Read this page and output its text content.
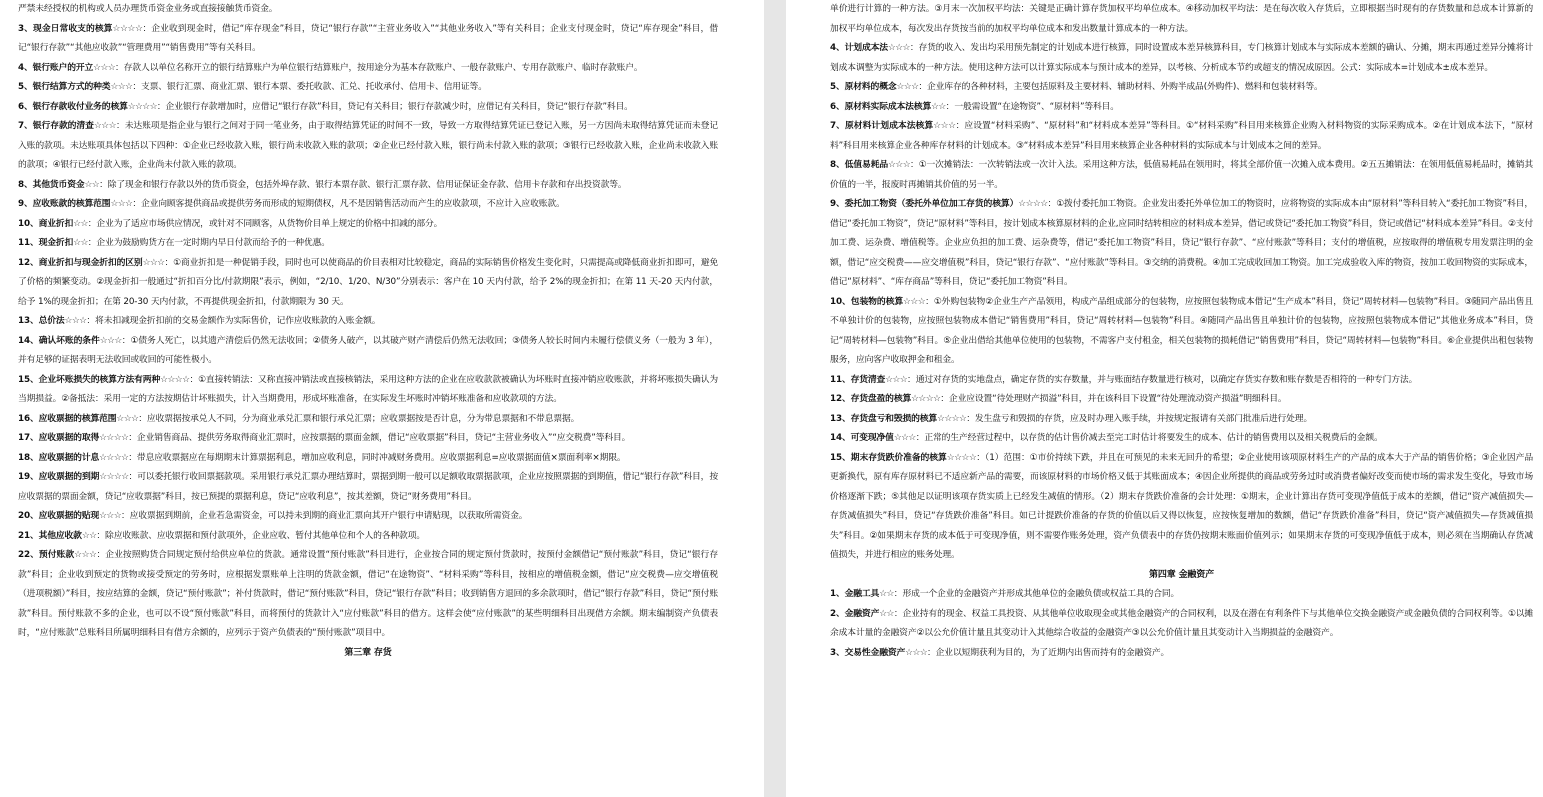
严禁未经授权的机构或人员办理货币资金业务或直接接触货币资金。

3、现金日常收支的核算☆☆☆☆：企业收到现金时，借记“库存现金”科目，贷记“银行存款”“主营业务收入”“其他业务收入”等有关科目；企业支付现金时，贷记“库存现金”科目，借记“银行存款”“其他应收款”“管理费用”“销售费用”等有关科目。

4、银行账户的开立☆☆☆：存款人以单位名称开立的银行结算账户为单位银行结算账户，按用途分为基本存款账户、一般存款账户、专用存款账户、临时存款账户。

5、银行结算方式的种类☆☆☆：支票、银行汇票、商业汇票、银行本票、委托收款、汇兑、托收承付、信用卡、信用证等。

6、银行存款收付业务的核算☆☆☆☆：企业银行存款增加时，应借记“银行存款”科目，贷记有关科目；银行存款减少时，应借记有关科目，贷记“银行存款”科目。

7、银行存款的清查☆☆☆：未达账项是指企业与银行之间对于同一笔业务，由于取得结算凭证的时间不一致，导致一方取得结算凭证已登记入账，另一方因尚未取得结算凭证而未登记入账的款项。未达账项具体包括以下四种：①企业已经收款入账，银行尚未收款入账的款项；②企业已经付款入账，银行尚未付款入账的款项；③银行已经收款入账，企业尚未收款入账的款项；④银行已经付款入账，企业尚未付款入账的款项。

8、其他货币资金☆☆：除了现金和银行存款以外的货币资金，包括外埠存款、银行本票存款、银行汇票存款、信用证保证金存款、信用卡存款和存出投资款等。

9、应收账款的核算范围☆☆☆：企业向顾客提供商品或提供劳务而形成的短期债权，凡不是因销售活动而产生的应收款项，不应计入应收账款。

10、商业折扣☆☆：企业为了适应市场供应情况，或针对不同顾客，从货物价目单上规定的价格中扣减的部分。

11、现金折扣☆☆：企业为鼓励购货方在一定时期内早日付款而给予的一种优惠。

12、商业折扣与现金折扣的区别☆☆☆：①商业折扣是一种促销手段，同时也可以使商品的价目表相对比较稳定，商品的实际销售价格发生变化时，只需提高或降低商业折扣即可，避免了价格的频繁变动。②现金折扣一般通过“折扣百分比/付款期限”表示，例如，“2/10、1/20、N/30”分别表示：客户在 10 天内付款，给予 2%的现金折扣；在第 11 天-20 天内付款，给予 1%的现金折扣；在第 20-30 天内付款，不再提供现金折扣，付款期限为 30 天。

13、总价法☆☆☆：将未扣减现金折扣前的交易金额作为实际售价，记作应收账款的入账金额。

14、确认坏账的条件☆☆☆：①债务人死亡，以其遗产清偿后仍然无法收回；②债务人破产，以其破产财产清偿后仍然无法收回；③债务人较长时间内未履行偿债义务（一般为 3 年），并有足够的证据表明无法收回或收回的可能性极小。

15、企业坏账损失的核算方法有两种☆☆☆☆：①直接转销法：又称直接冲销法或直接核销法，采用这种方法的企业在应收款款被确认为坏账时直接冲销应收账款，并将坏账损失确认为当期损益。②备抵法：采用一定的方法按期估计坏账损失，计入当期费用，形成坏账准备，在实际发生坏账时冲销坏账准备和应收款项的方法。

16、应收票据的核算范围☆☆☆：应收票据按承兑人不同，分为商业承兑汇票和银行承兑汇票；应收票据按是否计息，分为带息票据和不带息票据。

17、应收票据的取得☆☆☆☆：企业销售商品、提供劳务取得商业汇票时，应按票据的票面金额，借记“应收票据”科目，贷记“主营业务收入”“应交税费”等科目。

18、应收票据的计息☆☆☆☆：带息应收票据应在每期期末计算票据利息，增加应收利息，同时冲减财务费用。应收票据利息=应收票据面值×票面利率×期限。

19、应收票据的到期☆☆☆☆：可以委托银行收回票据款项。采用银行承兑汇票办理结算时，票据到期一般可以足额收取票据款项，企业应按照票据的到期值，借记“银行存款”科目，按应收票据的票面金额，贷记“应收票据”科目，按已预提的票据利息，贷记“应收利息”，按其差额，贷记“财务费用”科目。

20、应收票据的贴现☆☆☆：应收票据到期前，企业若急需资金，可以持未到期的商业汇票向其开户银行申请贴现，以获取所需资金。

21、其他应收款☆☆：除应收账款、应收票据和预付款项外，企业应收、暂付其他单位和个人的各种款项。

22、预付账款☆☆☆：企业按照购货合同规定预付给供应单位的货款。通常设置“预付账款”科目进行，企业按合同的规定预付货款时，按预付金额借记“预付账款”科目，贷记“银行存款”科目；企业收到预定的货物或接受预定的劳务时，应根据发票账单上注明的货款金额，借记“在途物资”、“材料采购”等科目，按相应的增值税金额，借记“应交税费—应交增值税（进项税额）”科目，按应结算的金额，贷记“预付账款”；补付货款时，借记“预付账款”科目，贷记“银行存款”科目；收到销售方退回的多余款项时，借记“银行存款”科目，贷记“预付账款”科目。预付账款不多的企业，也可以不设“预付账款”科目，而将预付的货款计入“应付账款”科目的借方。这样会使“应付账款”的某些明细科目出现借方余额。期末编制资产负债表时，“应付账款”总账科目所属明细科目有借方余额的，应列示于资产负债表的“预付账款”项目中。

第三章 存货

单价进行计算的一种方法。③月末一次加权平均法：关键是正确计算存货加权平均单位成本。④移动加权平均法：是在每次收入存货后，立即根据当时现有的存货数量和总成本计算新的加权平均单位成本，每次发出存货按当前的加权平均单位成本和发出数量计算成本的一种方法。

4、计划成本法☆☆☆：存货的收入、发出均采用预先制定的计划成本进行核算，同时设置成本差异核算科目，专门核算计划成本与实际成本差额的确认、分摊，期末再通过差异分摊将计划成本调整为实际成本的一种方法。使用这种方法可以计算实际成本与预计成本的差异，以考核、分析成本节约或超支的情况成原因。公式：实际成本=计划成本±成本差异。

5、原材料的概念☆☆☆：企业库存的各种材料，主要包括原料及主要材料、辅助材料、外购半成品(外购件)、燃料和包装材料等。

6、原材料实际成本法核算☆☆：一般需设置“在途物资”、“原材料”等科目。

7、原材料计划成本法核算☆☆☆：应设置“材料采购”、“原材料”和“材料成本差异”等科目。①“材料采购”科目用来核算企业购入材料物资的实际采购成本。②在计划成本法下，“原材料”科目用来核算企业各种库存材料的计划成本。③“材料成本差异”科目用来核算企业各种材料的实际成本与计划成本之间的差异。

8、低值易耗品☆☆☆：①一次摊销法：一次转销法或一次计入法。采用这种方法，低值易耗品在领用时，将其全部价值一次摊入成本费用。②五五摊销法：在领用低值易耗品时，摊销其价值的一半，报废时再摊销其价值的另一半。

9、委托加工物资（委托外单位加工存货的核算）☆☆☆☆：①拨付委托加工物资。企业发出委托外单位加工的物资时，应将物资的实际成本由“原材料”等科目转入“委托加工物资”科目，借记“委托加工物资”，贷记“原材料”等科目，按计划成本核算原材料的企业,应同时结转相应的材料成本差异，借记或贷记“委托加工物资”科目，贷记或借记“材料成本差异”科目。②支付加工费、运杂费、增值税等。企业应负担的加工费、运杂费等，借记“委托加工物资”科目，贷记“银行存款”、“应付账款”等科目；支付的增值税，应按取得的增值税专用发票注明的金额，借记“应交税费——应交增值税”科目，贷记“银行存款”、“应付账款”等科目。③交纳的消费税。④加工完成收回加工物资。加工完成验收入库的物资，按加工收回物资的实际成本，借记“原材料”、“库存商品”等科目，贷记“委托加工物资”科目。

10、包装物的核算☆☆☆：①外购包装物②企业生产产品领用，构成产品组成部分的包装物，应按照包装物成本借记“生产成本”科目，贷记“周转材料—包装物”科目。③随同产品出售且不单独计价的包装物，应按照包装物成本借记“销售费用”科目，贷记“周转材料—包装物”科目。④随同产品出售且单独计价的包装物，应按照包装物成本借记“其他业务成本”科目，贷记“周转材料—包装物”科目。⑤企业出借给其他单位使用的包装物，不需客户支付租金，相关包装物的损耗借记“销售费用”科目，贷记“周转材料—包装物”科目。⑥企业提供出租包装物服务，应向客户收取押金和租金。

11、存货清查☆☆☆：通过对存货的实地盘点，确定存货的实存数量，并与账面结存数量进行核对，以确定存货实存数和账存数是否相符的一种专门方法。

12、存货盘盈的核算☆☆☆☆：企业应设置“待处理财产损溢”科目，并在该科目下设置“待处理流动资产损溢”明细科目。

13、存货盘亏和毁损的核算☆☆☆☆：发生盘亏和毁损的存货，应及时办理入账手续，并按规定报请有关部门批准后进行处理。

14、可变现净值☆☆☆：正常的生产经营过程中，以存货的估计售价减去至完工时估计将要发生的成本、估计的销售费用以及相关税费后的金额。

15、期末存货跌价准备的核算☆☆☆☆：（1）范围：①市价持续下跌，并且在可预见的未来无回升的希望；②企业使用该项原材料生产的产品的成本大于产品的销售价格；③企业因产品更新换代，原有库存原材料已不适应新产品的需要，而该原材料的市场价格又低于其账面成本；④因企业所提供的商品或劳务过时或消费者偏好改变而使市场的需求发生变化，导致市场价格逐渐下跌；⑤其他足以证明该项存货实质上已经发生减值的情形。（2）期末存货跌价准备的会计处理：①期末，企业计算出存货可变现净值低于成本的差额，借记“资产减值损失—存货减值损失”科目，贷记“存货跌价准备”科目。如已计提跌价准备的存货的价值以后又得以恢复，应按恢复增加的数额，借记“存货跌价准备”科目，贷记“资产减值损失—存货减值损失”科目。②如果期末存货的成本低于可变现净值，则不需要作账务处理，资产负债表中的存货仍按期末账面价值列示；如果期末存货的可变现净值低于成本，则必须在当期确认存货减值损失，并进行相应的账务处理。

第四章 金融资产

1、金融工具☆☆：形成一个企业的金融资产并形成其他单位的金融负债或权益工具的合同。

2、金融资产☆☆：企业持有的现金、权益工具投资、从其他单位收取现金或其他金融资产的合同权利，以及在潜在有利条件下与其他单位交换金融资产或金融负债的合同权利等。①以摊余成本计量的金融资产②以公允价值计量且其变动计入其他综合收益的金融资产③以公允价值计量且其变动计入当期损益的金融资产。

3、交易性金融资产☆☆☆：企业以短期获利为目的，为了近期内出售而持有的金融资产。
